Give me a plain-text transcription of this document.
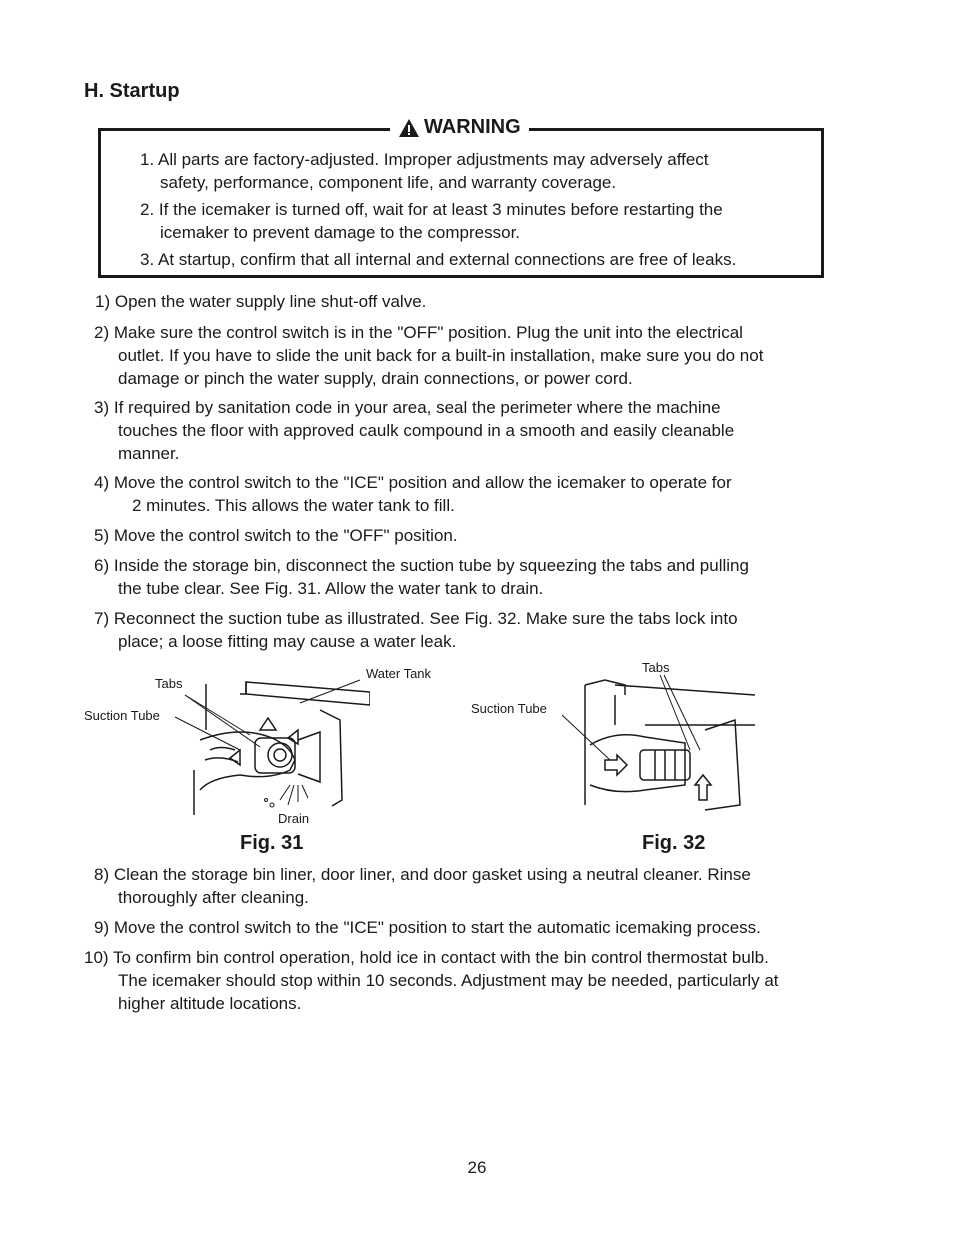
H. Startup
WARNING
1. All parts are factory-adjusted. Improper adjustments may adversely affect
safety, performance, component life, and warranty coverage.
2. If the icemaker is turned off, wait for at least 3 minutes before restarting the
icemaker to prevent damage to the compressor.
3. At startup, confirm that all internal and external connections are free of leaks.
1) Open the water supply line shut-off valve.
2) Make sure the control switch is in the "OFF" position. Plug the unit into the electrical
outlet. If you have to slide the unit back for a built-in installation, make sure you do not
damage or pinch the water supply, drain connections, or power cord.
3) If required by sanitation code in your area, seal the perimeter where the machine
touches the floor with approved caulk compound in a smooth and easily cleanable
manner.
4) Move the control switch to the "ICE" position and allow the icemaker to operate for
2 minutes. This allows the water tank to fill.
5) Move the control switch to the "OFF" position.
6) Inside the storage bin, disconnect the suction tube by squeezing the tabs and pulling
the tube clear. See Fig. 31. Allow the water tank to drain.
7) Reconnect the suction tube as illustrated. See Fig. 32. Make sure the tabs lock into
place; a loose fitting may cause a water leak.
Tabs
Water Tank
Suction Tube
Drain
Fig. 31
Tabs
Suction Tube
Fig. 32
8) Clean the storage bin liner, door liner, and door gasket using a neutral cleaner. Rinse
thoroughly after cleaning.
9) Move the control switch to the "ICE" position to start the automatic icemaking process.
10) To confirm bin control operation, hold ice in contact with the bin control thermostat bulb.
The icemaker should stop within 10 seconds. Adjustment may be needed, particularly at
higher altitude locations.
26
